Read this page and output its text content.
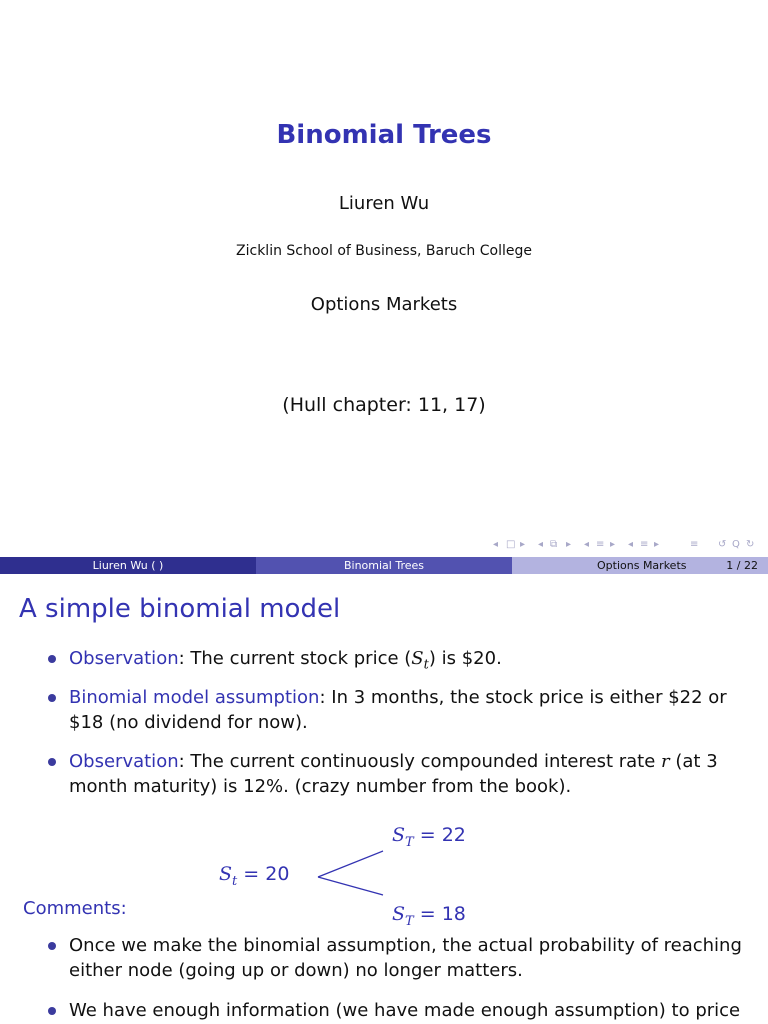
Binomial Trees
Liuren Wu
Zicklin School of Business, Baruch College
Options Markets
(Hull chapter: 11, 17)
◂ □ ▸ ◂ ⧉ ▸ ◂ ≡ ▸ ◂ ≡ ▸	≡ ↺ Q ↻
Liuren Wu ( )	Binomial Trees	Options Markets	1 / 22
A simple binomial model
Observation: The current stock price $(S_t)$ is $20.
Binomial model assumption: In 3 months, the stock price is either $22 or $18 (no dividend for now).
Observation: The current continuously compounded interest rate r (at 3 month maturity) is 12%. (crazy number from the book).
$S_T = 22$
$S_t = 20$
$S_T = 18$
Comments:
Once we make the binomial assumption, the actual probability of reaching either node (going up or down) no longer matters.
We have enough information (we have made enough assumption) to price
